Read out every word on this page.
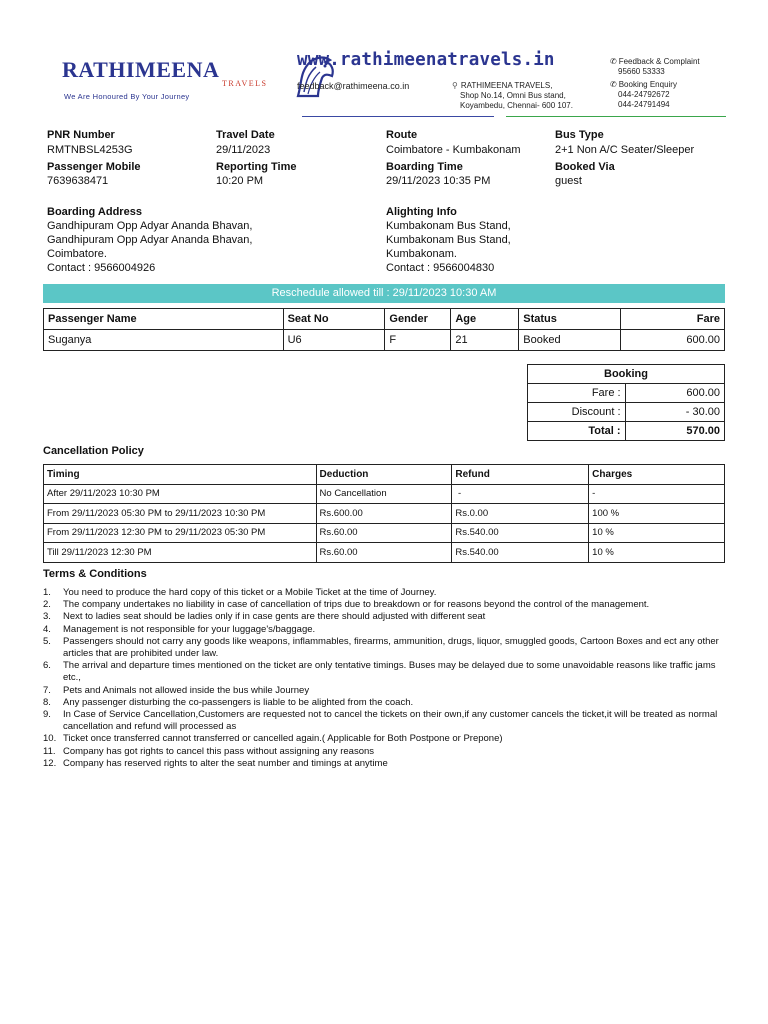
RATHIMEENA
TRAVELS
We Are Honoured By Your Journey
www.rathimeenatravels.in
feedback@rathimeena.co.in	⚲ RATHIMEENA TRAVELS,
Shop No.14, Omni Bus stand,
Koyambedu, Chennai- 600 107.
✆ Feedback & Complaint
95660 53333
✆ Booking Enquiry
044-24792672
044-24791494
PNR Number
RMTNBSL4253G
Travel Date
29/11/2023
Route
Coimbatore - Kumbakonam
Bus Type
2+1 Non A/C Seater/Sleeper
Passenger Mobile
7639638471
Reporting Time
10:20 PM
Boarding Time
29/11/2023 10:35 PM
Booked Via
guest
Boarding Address
Gandhipuram Opp Adyar Ananda Bhavan,
Gandhipuram Opp Adyar Ananda Bhavan,
Coimbatore.
Contact : 9566004926
Alighting Info
Kumbakonam Bus Stand,
Kumbakonam Bus Stand,
Kumbakonam.
Contact : 9566004830
Reschedule allowed till : 29/11/2023 10:30 AM
Passenger Name	Seat No	Gender	Age	Status	Fare
Suganya	U6	F	21	Booked	600.00
Booking	
Fare :	600.00
Discount :	- 30.00
Total :	570.00
Cancellation Policy
Timing	Deduction	Refund	Charges
After 29/11/2023 10:30 PM	No Cancellation	-	-
From 29/11/2023 05:30 PM to 29/11/2023 10:30 PM	Rs.600.00	Rs.0.00	100 %
From 29/11/2023 12:30 PM to 29/11/2023 05:30 PM	Rs.60.00	Rs.540.00	10 %
Till 29/11/2023 12:30 PM	Rs.60.00	Rs.540.00	10 %
Terms & Conditions
1.	You need to produce the hard copy of this ticket or a Mobile Ticket at the time of Journey.
2.	The company undertakes no liability in case of cancellation of trips due to breakdown or for reasons beyond the control of the management.
3.	Next to ladies seat should be ladies only if in case gents are there should adjusted with different seat
4.	Management is not responsible for your luggage's/baggage.
5.	Passengers should not carry any goods like weapons, inflammables, firearms, ammunition, drugs, liquor, smuggled goods, Cartoon Boxes and ect any other articles that are prohibited under law.
6.	The arrival and departure times mentioned on the ticket are only tentative timings. Buses may be delayed due to some unavoidable reasons like traffic jams etc.,
7.	Pets and Animals not allowed inside the bus while Journey
8.	Any passenger disturbing the co-passengers is liable to be alighted from the coach.
9.	In Case of Service Cancellation,Customers are requested not to cancel the tickets on their own,if any customer cancels the ticket,it will be treated as normal cancellation and refund will processed as
10. Ticket once transferred cannot transferred or cancelled again.( Applicable for Both Postpone or Prepone)
11. Company has got rights to cancel this pass without assigning any reasons
12. Company has reserved rights to alter the seat number and timings at anytime
